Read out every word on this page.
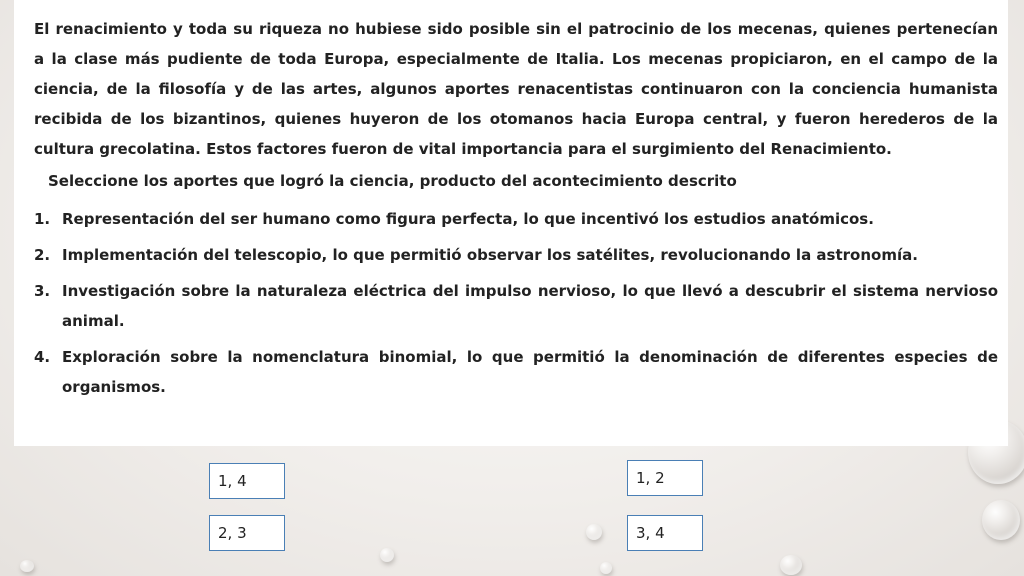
El renacimiento y toda su riqueza no hubiese sido posible sin el patrocinio de los mecenas, quienes pertenecían a la clase más pudiente de toda Europa, especialmente de Italia. Los mecenas propiciaron, en el campo de la ciencia, de la filosofía y de las artes, algunos aportes renacentistas continuaron con la conciencia humanista recibida de los bizantinos, quienes huyeron de los otomanos hacia Europa central, y fueron herederos de la cultura grecolatina. Estos factores fueron de vital importancia para el surgimiento del Renacimiento.

Seleccione los aportes que logró la ciencia, producto del acontecimiento descrito
1. Representación del ser humano como figura perfecta, lo que incentivó los estudios anatómicos.
2. Implementación del telescopio, lo que permitió observar los satélites, revolucionando la astronomía.
3. Investigación sobre la naturaleza eléctrica del impulso nervioso, lo que llevó a descubrir el sistema nervioso animal.
4. Exploración sobre la nomenclatura binomial, lo que permitió la denominación de diferentes especies de organismos.
1, 4	1, 2
2, 3	3, 4
